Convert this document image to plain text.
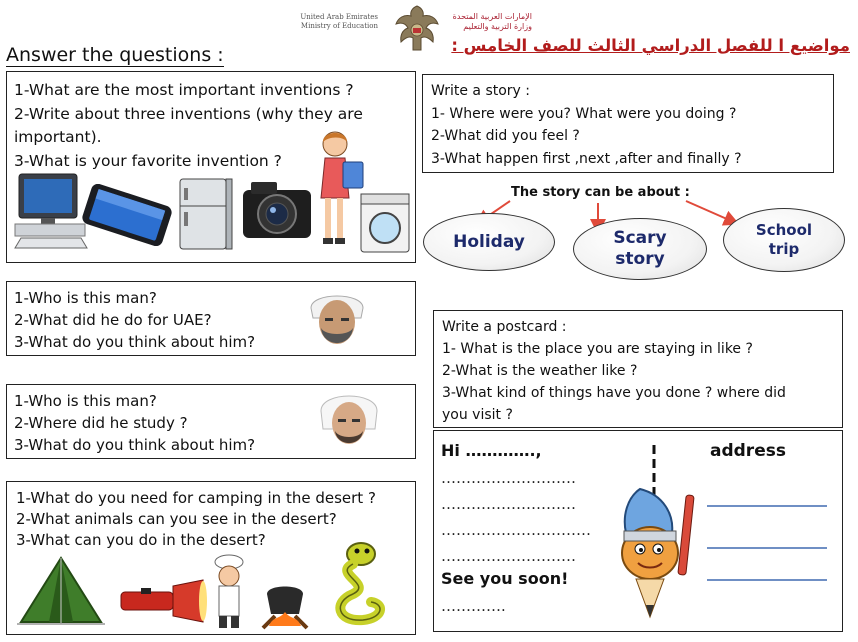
United Arab Emirates
Ministry of Education
الإمارات العربية المتحدة
وزارة التربية والتعليم
Answer the questions :	مواضيع ا للفصل الدراسي الثالث للصف الخامس :
1-What are the most important inventions ?
2-Write about three inventions (why they are
important).
3-What is your favorite invention ?
1-Who is this man?
2-What did he do for UAE?
3-What do you think about him?
1-Who is this man?
2-Where did he study ?
3-What do you think about him?
1-What do you need for camping in the desert ?
2-What animals can you see in the desert?
3-What can you do in the desert?
Write a story :
1- Where were you? What were you doing ?
2-What did you feel ?
3-What happen first ,next ,after and finally ?
The story can be about :
Holiday	Scary story
School trip
Write a postcard :
1- What is the place you are staying in like ?
2-What is the weather like ?
3-What kind of things have you done ? where did
you visit ?
Hi ………….,	address
………………………
………………………
…………………………
………………………
See you soon!
………….
